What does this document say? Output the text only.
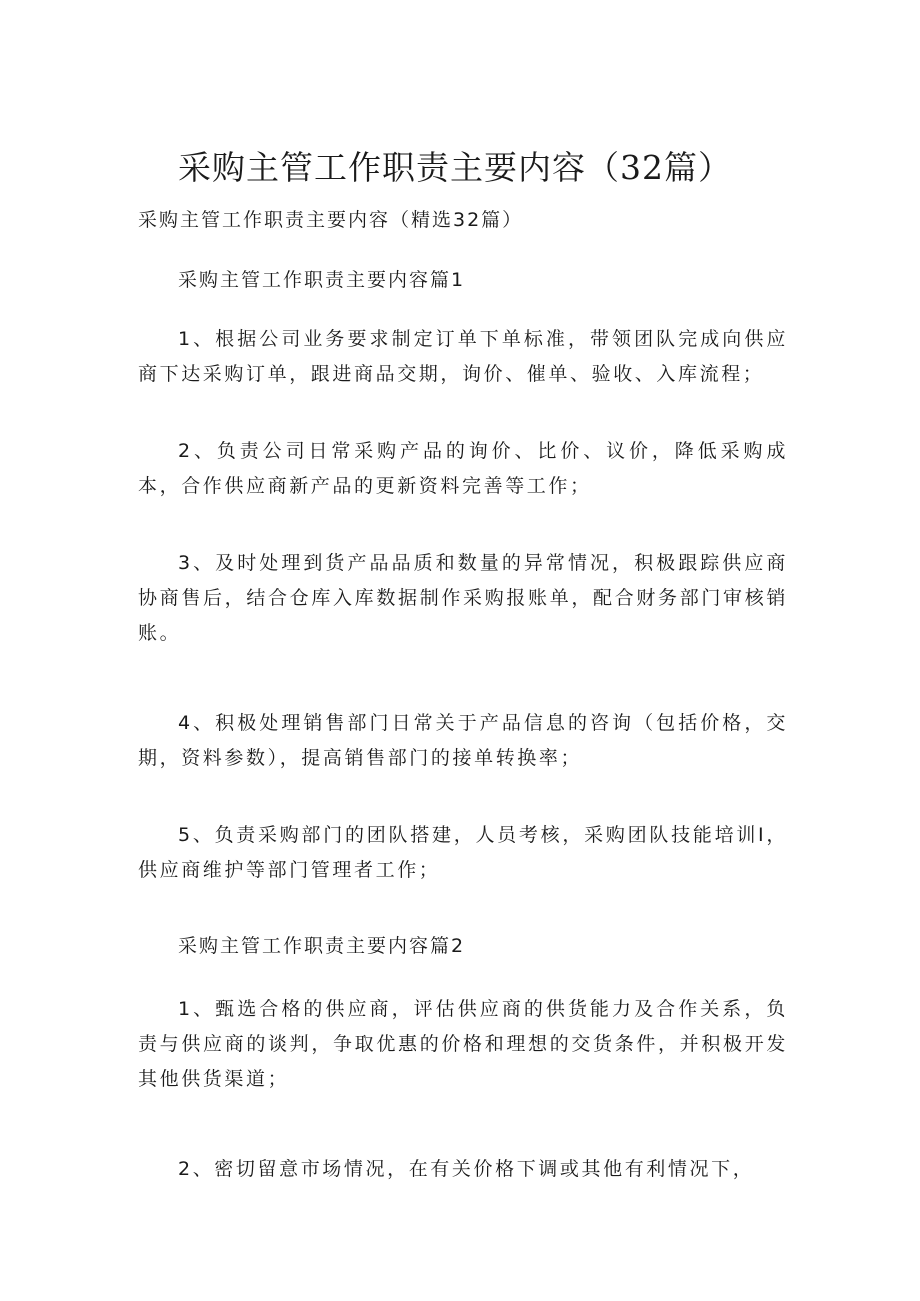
采购主管工作职责主要内容（32篇）
采购主管工作职责主要内容（精选32篇）
采购主管工作职责主要内容篇1
1、根据公司业务要求制定订单下单标准，带领团队完成向供应商下达采购订单，跟进商品交期，询价、催单、验收、入库流程；
2、负责公司日常采购产品的询价、比价、议价，降低采购成本，合作供应商新产品的更新资料完善等工作；
3、及时处理到货产品品质和数量的异常情况，积极跟踪供应商协商售后，结合仓库入库数据制作采购报账单，配合财务部门审核销账。
4、积极处理销售部门日常关于产品信息的咨询（包括价格，交期，资料参数），提高销售部门的接单转换率；
5、负责采购部门的团队搭建，人员考核，采购团队技能培训I，供应商维护等部门管理者工作；
采购主管工作职责主要内容篇2
1、甄选合格的供应商，评估供应商的供货能力及合作关系，负责与供应商的谈判，争取优惠的价格和理想的交货条件，并积极开发其他供货渠道；
2、密切留意市场情况，在有关价格下调或其他有利情况下，
